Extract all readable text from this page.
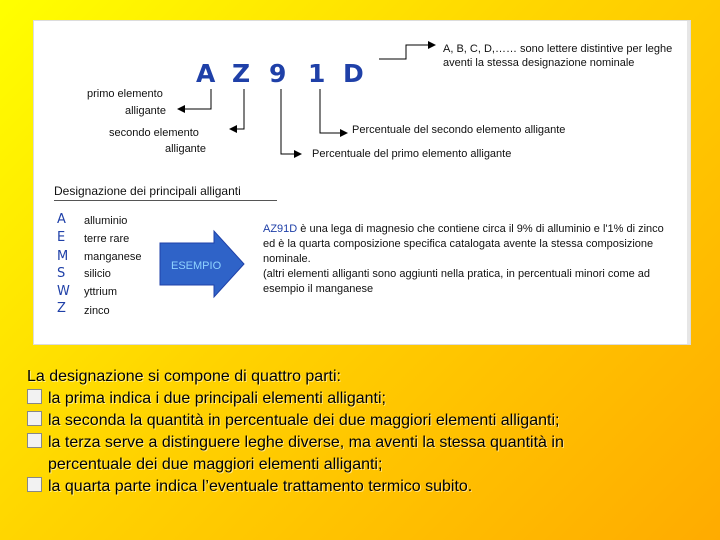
ESEMPIO
A Z 9 1 D
A, B, C, D,…… sono lettere distintive per leghe aventi la stessa designazione nominale
primo elemento
alligante
secondo elemento
alligante
Percentuale del secondo elemento alligante
Percentuale del primo elemento alligante
Designazione dei principali alliganti
A alluminio
E terre rare
M manganese
S silicio
W yttrium
Z zinco
AZ91D è una lega di magnesio che contiene circa il 9% di alluminio e l'1% di zinco ed è la quarta composizione specifica catalogata avente la stessa composizione nominale.
(altri elementi alliganti sono aggiunti nella pratica, in percentuali minori come ad esempio il manganese
La designazione si compone di quattro parti:
la prima indica i due principali elementi alliganti;
la seconda la quantità in percentuale dei due maggiori elementi alliganti;
la terza serve a distinguere leghe diverse, ma aventi la stessa quantità in
percentuale dei due maggiori elementi alliganti;
la quarta parte indica l’eventuale trattamento termico subito.
